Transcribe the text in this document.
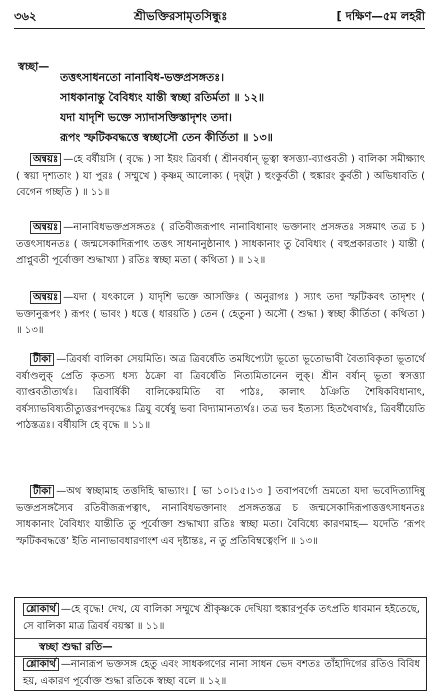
৩৬২	শ্রীভক্তিরসামৃতসিন্ধুঃ	[ দক্ষিণ—৫ম লহরী
স্বচ্ছা—
তত্তৎসাধনতো নানাবিধ-ভক্তপ্রসঙ্গতঃ।
সাধকানান্তু বৈবিধ্যং যান্তী স্বচ্ছা রতির্মতা ॥ ১২॥
যদা যাদৃশি ভক্তে স্যাদাসক্তিস্তাদৃশং তদা।
রূপং স্ফটিকবদ্ধত্তে স্বচ্ছাসৌ তেন কীর্তিতা ॥ ১৩॥

অন্বয়ঃ —হে বর্ষীয়সি ( বৃদ্ধে ) সা ইয়ং ত্রিবর্ষা ( শ্রীনবর্ষান্ ভূত্বা স্বসত্ত্যা-ব্যাপ্তবতী ) বালিকা সমীক্ষ্যাৎ ( স্বয়া দৃশ্যতাং ) যা পুরঃ ( সম্মুখে ) কৃষ্ণম্ আলোক্য ( দৃষ্ট্বা ) হুংকুর্বতী ( হুঙ্কারং কুর্বতী ) অভিধাবতি ( বেগেন গচ্ছতি ) ॥ ১১॥

অন্বয়ঃ —নানাবিধভক্তপ্রসঙ্গতঃ ( রতিবীজরূপাৎ নানাবিধানাং ভক্তানাং প্রসঙ্গতঃ সঙ্গমাৎ তত্র চ ) তত্তৎসাধনতঃ ( জন্মসেকাদিরূপাৎ তত্তৎ সাধনানুষ্ঠানাৎ ) সাধকানাং তু বৈবিধ্যং ( বহুপ্রকারতাং ) যান্তী ( প্রাপ্নুবতী পূর্বোক্তা শুদ্ধাখ্যা ) রতিঃ স্বচ্ছা মতা ( কথিতা ) ॥ ১২॥

অন্বয়ঃ —যদা ( যৎকালে ) যাদৃশি ভক্তে আসক্তিঃ ( অনুরাগঃ ) স্যাৎ তদা স্ফটিকবৎ তাদৃশং ( ভক্তানুরূপং ) রূপং ( ভাবং ) ধত্তে ( ধারয়তি ) তেন ( হেতুনা ) অসৌ ( শুদ্ধা ) স্বচ্ছা কীর্তিতা ( কথিতা ) ॥ ১৩॥

টীকা —ত্রিবর্ষা বালিকা সেয়মিতি। অত্র ত্রিবর্ষেতি তমধিপ্যেটা ভূতো ভূতোভাবী বৈত্যবিকৃতা ভূতার্থে বর্ষাণ্ডলুক্ প্রেতি কৃতস্য ধস্য ঠক্রো বা ত্রিবর্ষেতি নিত্যমিতানেন লুক্। শ্রীন বর্ষান্ ভূতা স্বসত্ত্যা ব্যাপ্তবতীত্যর্থঃ। ত্রিবার্ষিকী বালিকেয়মিতি বা পাঠঃ, কালাৎ ঠঞিতি শৈষিকবিধানাৎ, বর্ষস্যাভবিষ্যতীত্যুত্তরপদবৃদ্ধেঃ ত্রিযু বর্ষেষু ভবা বিদ্যামানত্যর্থঃ। তত্র ভব ইত্যস্য হিতথৈবার্থঃ, ত্রিবর্ষীয়েতি পাঠস্তত্রঃ। বর্ষীয়সি হে বৃদ্ধে ॥ ১১॥

টীকা —অথ স্বচ্ছামাহ তত্তদিহি দ্বাভ্যাং। [ ভা ১০।১৫।১৩ ] তবাপবর্গো ভ্রমতো যদা ভবেদিত্যাদিষু ভক্তপ্রসঙ্গস্যৈব রতিবীজরূপত্বাৎ, নানাবিধভক্তানাং প্রসঙ্গতস্তত্র চ জন্মসেকাদিরূপাত্তত্তৎসাধনতঃ সাধকানাং বৈবিধ্যং যান্তীতি তু পূর্বোক্তা শুদ্ধাখ্যা রতিঃ স্বচ্ছা মতা। বৈবিধ্যে কারণমাহ— যদেতি ‘রূপং স্ফটিকবদ্ধত্তে’ ইতি নানাভাবধারণাংশ এব দৃষ্টান্তঃ, ন তু প্রতিবিম্বত্বেংপি ॥ ১৩॥

শ্লোকার্থ —হে বৃদ্ধে! দেখ, যে বালিকা সম্মুখে শ্রীকৃষ্ণকে দেখিয়া হুঙ্কারপূর্বক তৎপ্রতি ধাবমান হইতেছে, সে বালিকা মাত্র ত্রিবর্ষ বয়স্কা ॥ ১১॥
স্বচ্ছা শুদ্ধা রতি—
শ্লোকার্থ —নানারূপ ভক্তসঙ্গ হেতু এবং সাধকগণের নানা সাধন ভেদ বশতঃ তাঁহাদিগের রতিও বিবিধ হয়, একারণ পূর্বোক্ত শুদ্ধা রতিকে স্বচ্ছা বলে ॥ ১২॥
